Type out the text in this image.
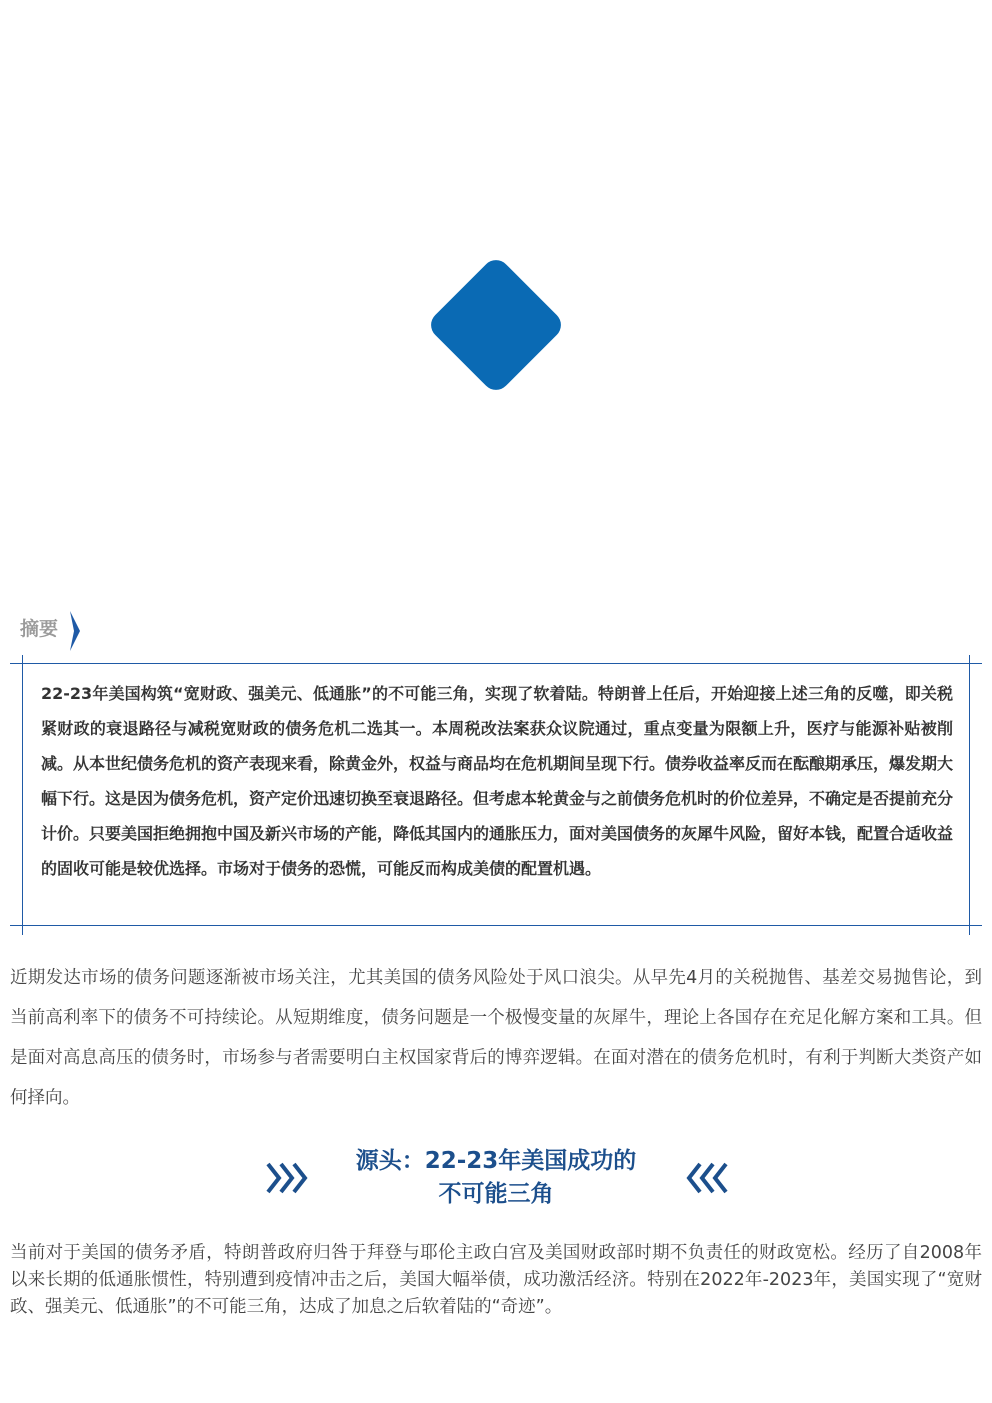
摘要
22-23年美国构筑“宽财政、强美元、低通胀”的不可能三角，实现了软着陆。特朗普上任后，开始迎接上述三角的反噬，即关税紧财政的衰退路径与减税宽财政的债务危机二选其一。本周税改法案获众议院通过，重点变量为限额上升，医疗与能源补贴被削减。从本世纪债务危机的资产表现来看，除黄金外，权益与商品均在危机期间呈现下行。债券收益率反而在酝酿期承压，爆发期大幅下行。这是因为债务危机，资产定价迅速切换至衰退路径。但考虑本轮黄金与之前债务危机时的价位差异，不确定是否提前充分计价。只要美国拒绝拥抱中国及新兴市场的产能，降低其国内的通胀压力，面对美国债务的灰犀牛风险，留好本钱，配置合适收益的固收可能是较优选择。市场对于债务的恐慌，可能反而构成美债的配置机遇。
近期发达市场的债务问题逐渐被市场关注，尤其美国的债务风险处于风口浪尖。从早先4月的关税抛售、基差交易抛售论，到当前高利率下的债务不可持续论。从短期维度，债务问题是一个极慢变量的灰犀牛，理论上各国存在充足化解方案和工具。但是面对高息高压的债务时，市场参与者需要明白主权国家背后的博弈逻辑。在面对潜在的债务危机时，有利于判断大类资产如何择向。
源头：22-23年美国成功的
不可能三角
当前对于美国的债务矛盾，特朗普政府归咎于拜登与耶伦主政白宫及美国财政部时期不负责任的财政宽松。经历了自2008年以来长期的低通胀惯性，特别遭到疫情冲击之后，美国大幅举债，成功激活经济。特别在2022年-2023年，美国实现了“宽财政、强美元、低通胀”的不可能三角，达成了加息之后软着陆的“奇迹”。
